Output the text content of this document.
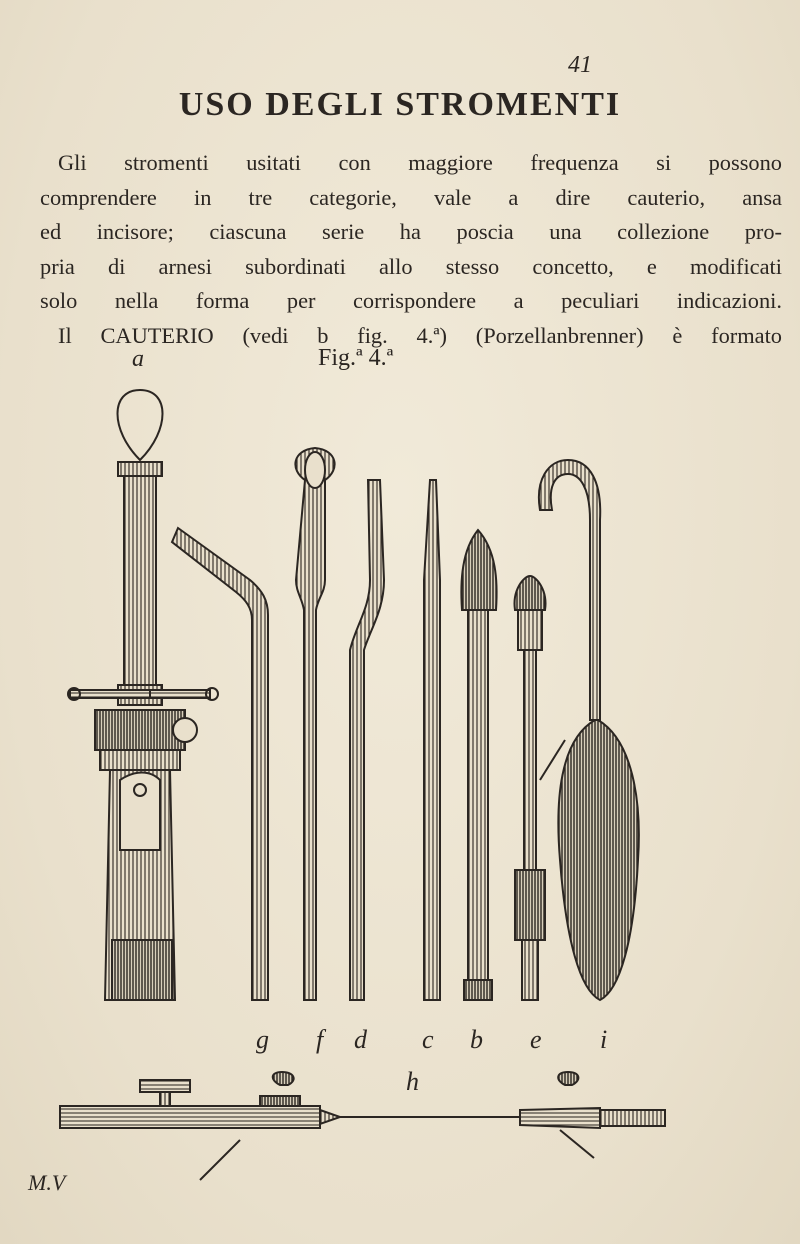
41
USO DEGLI STROMENTI
Gli stromenti usitati con maggiore frequenza si possono
comprendere in tre categorie, vale a dire cauterio, ansa
ed incisore; ciascuna serie ha poscia una collezione pro-
pria di arnesi subordinati allo stesso concetto, e modificati
solo nella forma per corrispondere a peculiari indicazioni.
Il CAUTERIO (vedi b fig. 4.ª) (Porzellanbrenner) è formato
a	Fig.ª 4.ª
g f d c b e i
h
M.V
